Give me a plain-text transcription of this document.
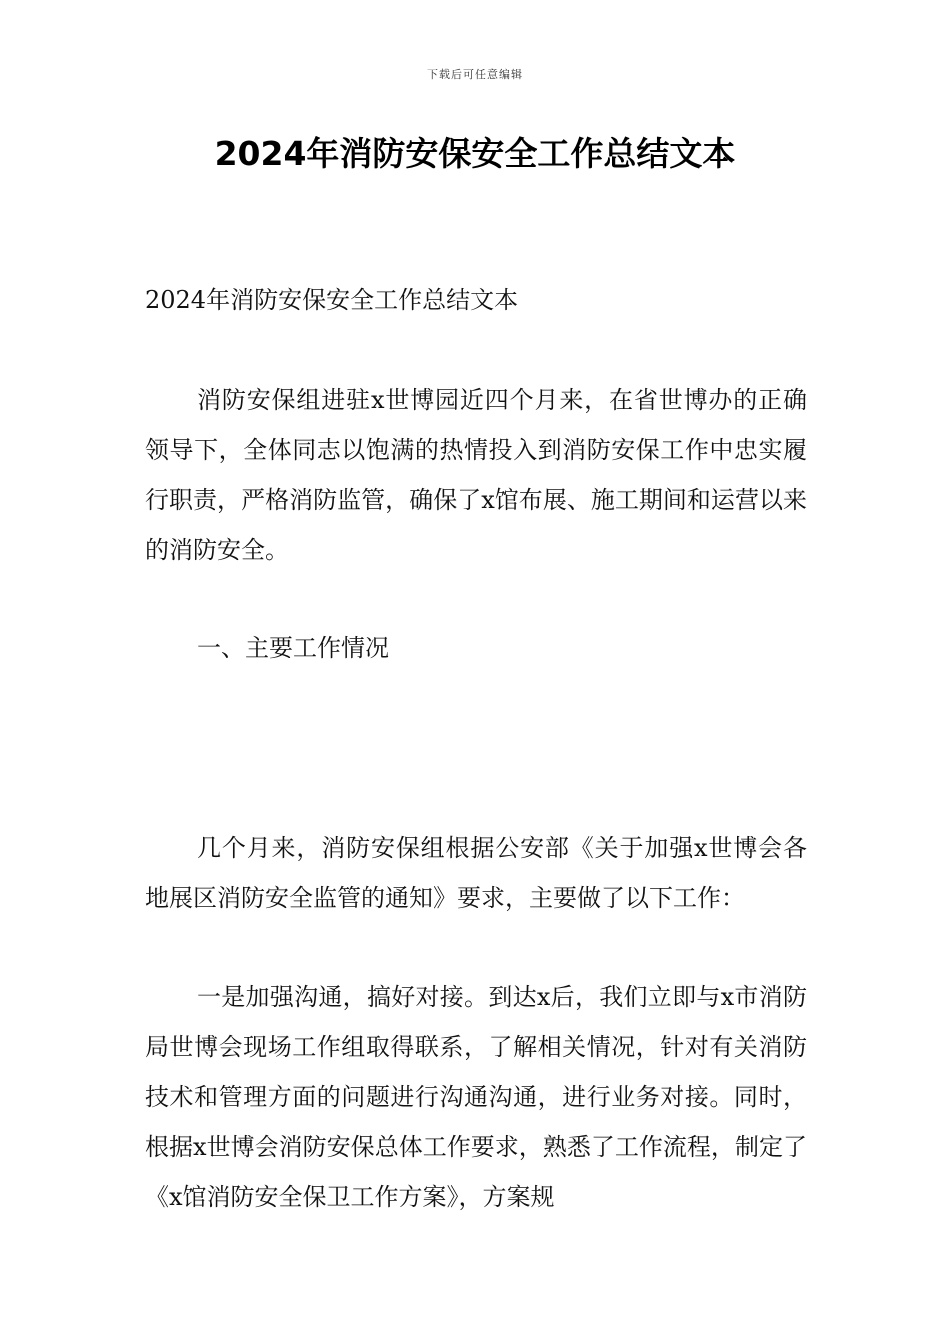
下载后可任意编辑
2024年消防安保安全工作总结文本

2024年消防安保安全工作总结文本

消防安保组进驻x世博园近四个月来，在省世博办的正确领导下，全体同志以饱满的热情投入到消防安保工作中忠实履行职责，严格消防监管，确保了x馆布展、施工期间和运营以来的消防安全。

一、主要工作情况

几个月来，消防安保组根据公安部《关于加强x世博会各地展区消防安全监管的通知》要求，主要做了以下工作：

一是加强沟通，搞好对接。到达x后，我们立即与x市消防局世博会现场工作组取得联系，了解相关情况，针对有关消防技术和管理方面的问题进行沟通沟通，进行业务对接。同时，根据x世博会消防安保总体工作要求，熟悉了工作流程，制定了《x馆消防安全保卫工作方案》，方案规
